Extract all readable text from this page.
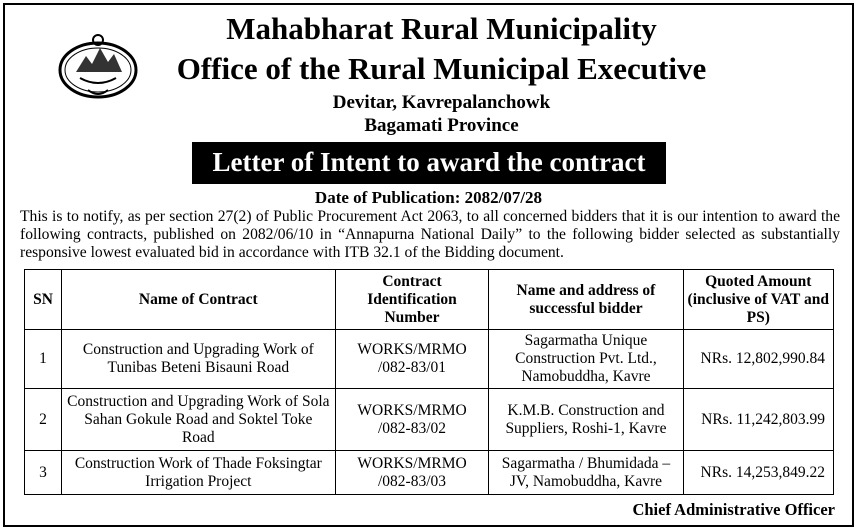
Mahabharat Rural Municipality
Office of the Rural Municipal Executive
Devitar, Kavrepalanchowk
Bagamati Province
Letter of Intent to award the contract
Date of Publication: 2082/07/28
This is to notify, as per section 27(2) of Public Procurement Act 2063, to all concerned bidders that it is our intention to award the following contracts, published on 2082/06/10 in “Annapurna National Daily” to the following bidder selected as substantially responsive lowest evaluated bid in accordance with ITB 32.1 of the Bidding document.
SN	Name of Contract	Contract Identification Number	Name and address of successful bidder	Quoted Amount (inclusive of VAT and PS)
1	Construction and Upgrading Work of Tunibas Beteni Bisauni Road	WORKS/MRMO /082-83/01	Sagarmatha Unique Construction Pvt. Ltd., Namobuddha, Kavre	NRs. 12,802,990.84
2	Construction and Upgrading Work of Sola Sahan Gokule Road and Soktel Toke Road	WORKS/MRMO /082-83/02	K.M.B. Construction and Suppliers, Roshi-1, Kavre	NRs. 11,242,803.99
3	Construction Work of Thade Foksingtar Irrigation Project	WORKS/MRMO /082-83/03	Sagarmatha / Bhumidada – JV, Namobuddha, Kavre	NRs. 14,253,849.22
Chief Administrative Officer
